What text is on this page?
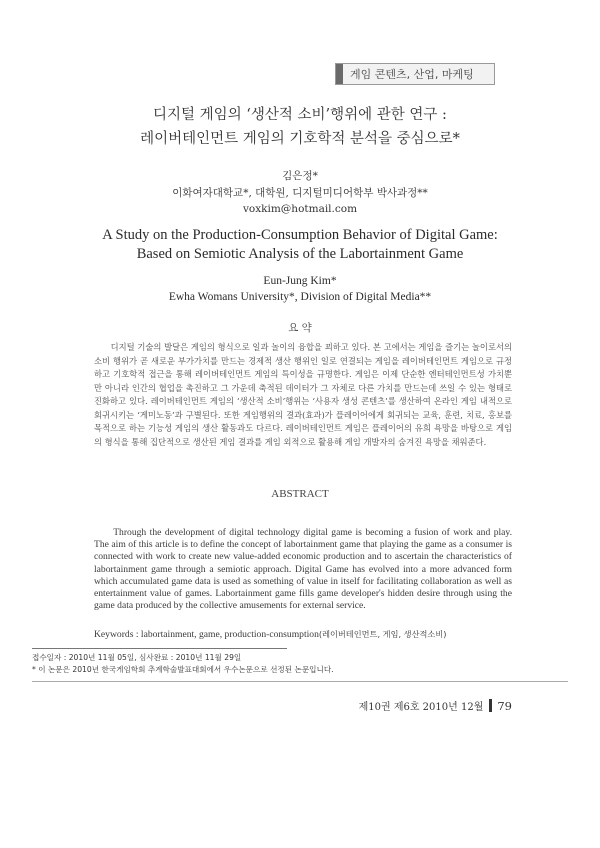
게임 콘텐츠, 산업, 마케팅
디지털 게임의 ‘생산적 소비’행위에 관한 연구 :
레이버테인먼트 게임의 기호학적 분석을 중심으로*
김은정*
이화여자대학교*, 대학원, 디지털미디어학부 박사과정**
voxkim@hotmail.com
A Study on the Production-Consumption Behavior of Digital Game:
Based on Semiotic Analysis of the Labortainment Game
Eun-Jung Kim*
Ewha Womans University*, Division of Digital Media**
요 약

디지털 기술의 발달은 게임의 형식으로 일과 놀이의 융합을 꾀하고 있다. 본 고에서는 게임을 즐기는 놀이로서의 소비 행위가 곧 새로운 부가가치를 만드는 경제적 생산 행위인 일로 연결되는 게임을 레이버테인먼트 게임으로 규정하고 기호학적 접근을 통해 레이버테인먼트 게임의 특이성을 규명한다. 게임은 이제 단순한 엔터테인먼트성 가치뿐만 아니라 인간의 협업을 촉진하고 그 가운데 축적된 데이터가 그 자체로 다른 가치를 만드는데 쓰일 수 있는 형태로 진화하고 있다. 레이버테인먼트 게임의 ‘생산적 소비’행위는 ‘사용자 생성 콘텐츠’를 생산하여 온라인 게임 내적으로 회귀시키는 ‘게미노동’과 구별된다. 또한 게임행위의 결과(효과)가 플레이어에게 회귀되는 교육, 훈련, 치료, 홍보를 목적으로 하는 기능성 게임의 생산 활동과도 다르다. 레이버테인먼트 게임은 플레이어의 유희 욕망을 바탕으로 게임의 형식을 통해 집단적으로 생산된 게임 결과를 게임 외적으로 활용해 게임 개발자의 숨겨진 욕망을 채워준다.

ABSTRACT

Through the development of digital technology digital game is becoming a fusion of work and play. The aim of this article is to define the concept of labortainment game that playing the game as a consumer is connected with work to create new value-added economic production and to ascertain the characteristics of labortainment game through a semiotic approach. Digital Game has evolved into a more advanced form which accumulated game data is used as something of value in itself for facilitating collaboration as well as entertainment value of games. Labortainment game fills game developer's hidden desire through using the game data produced by the collective amusements for external service.

Keywords : labortainment, game, production-consumption(레이버테인먼트, 게임, 생산적소비)
접수일자 : 2010년 11월 05일, 심사완료 : 2010년 11월 29일
* 이 논문은 2010년 한국게임학회 추계학술발표대회에서 우수논문으로 선정된 논문입니다.
제10권 제6호 2010년 12월 79
